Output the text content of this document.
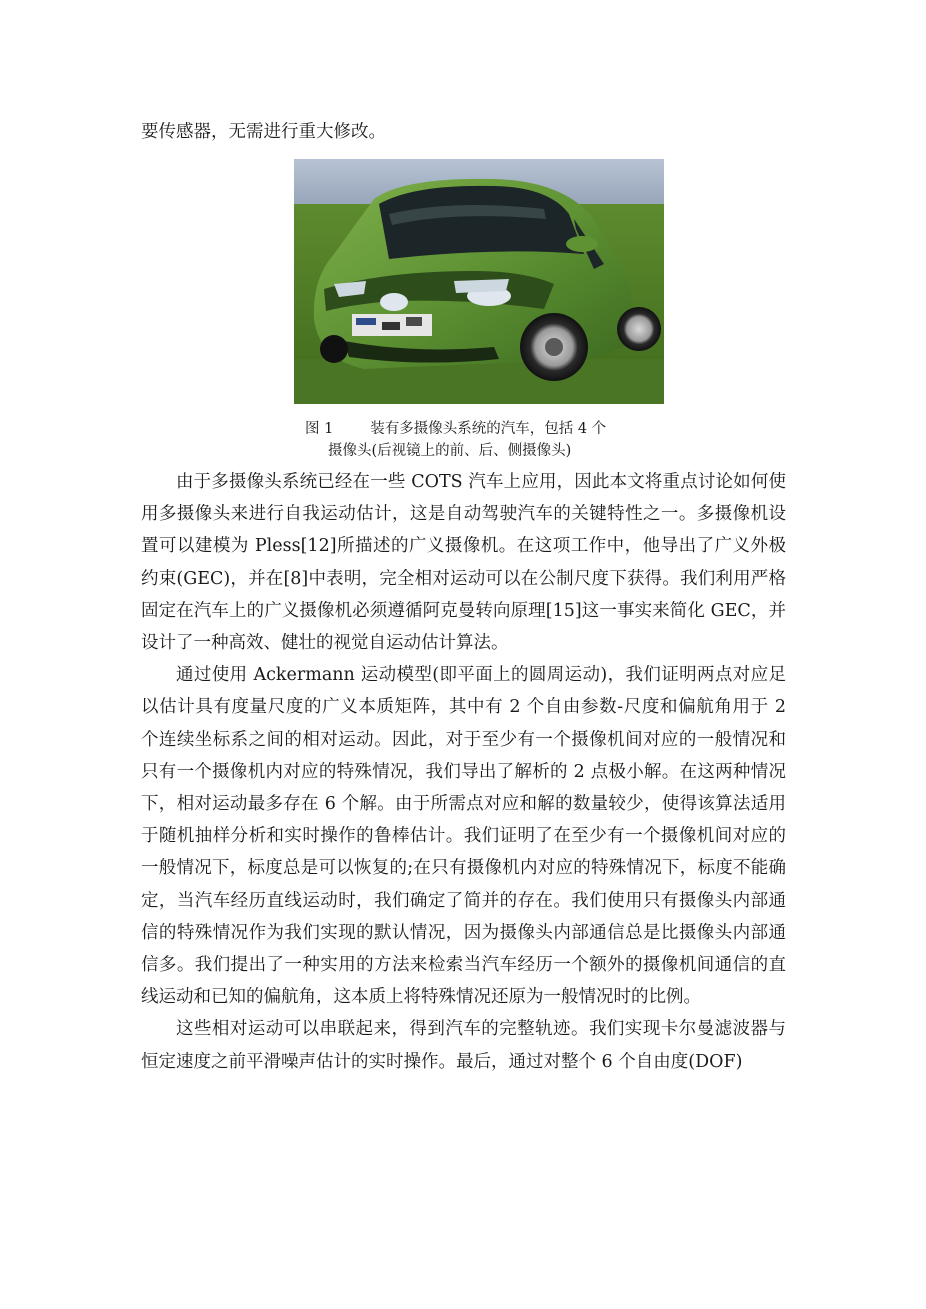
要传感器，无需进行重大修改。
图 1        装有多摄像头系统的汽车，包括 4 个
摄像头(后视镜上的前、后、侧摄像头)

由于多摄像头系统已经在一些 COTS 汽车上应用，因此本文将重点讨论如何使用多摄像头来进行自我运动估计，这是自动驾驶汽车的关键特性之一。多摄像机设置可以建模为 Pless[12]所描述的广义摄像机。在这项工作中，他导出了广义外极约束(GEC)，并在[8]中表明，完全相对运动可以在公制尺度下获得。我们利用严格固定在汽车上的广义摄像机必须遵循阿克曼转向原理[15]这一事实来简化 GEC，并设计了一种高效、健壮的视觉自运动估计算法。

通过使用 Ackermann 运动模型(即平面上的圆周运动)，我们证明两点对应足以估计具有度量尺度的广义本质矩阵，其中有 2 个自由参数-尺度和偏航角用于 2 个连续坐标系之间的相对运动。因此，对于至少有一个摄像机间对应的一般情况和只有一个摄像机内对应的特殊情况，我们导出了解析的 2 点极小解。在这两种情况下，相对运动最多存在 6 个解。由于所需点对应和解的数量较少，使得该算法适用于随机抽样分析和实时操作的鲁棒估计。我们证明了在至少有一个摄像机间对应的一般情况下，标度总是可以恢复的;在只有摄像机内对应的特殊情况下，标度不能确定，当汽车经历直线运动时，我们确定了简并的存在。我们使用只有摄像头内部通信的特殊情况作为我们实现的默认情况，因为摄像头内部通信总是比摄像头内部通信多。我们提出了一种实用的方法来检索当汽车经历一个额外的摄像机间通信的直线运动和已知的偏航角，这本质上将特殊情况还原为一般情况时的比例。

这些相对运动可以串联起来，得到汽车的完整轨迹。我们实现卡尔曼滤波器与恒定速度之前平滑噪声估计的实时操作。最后，通过对整个 6 个自由度(DOF)
